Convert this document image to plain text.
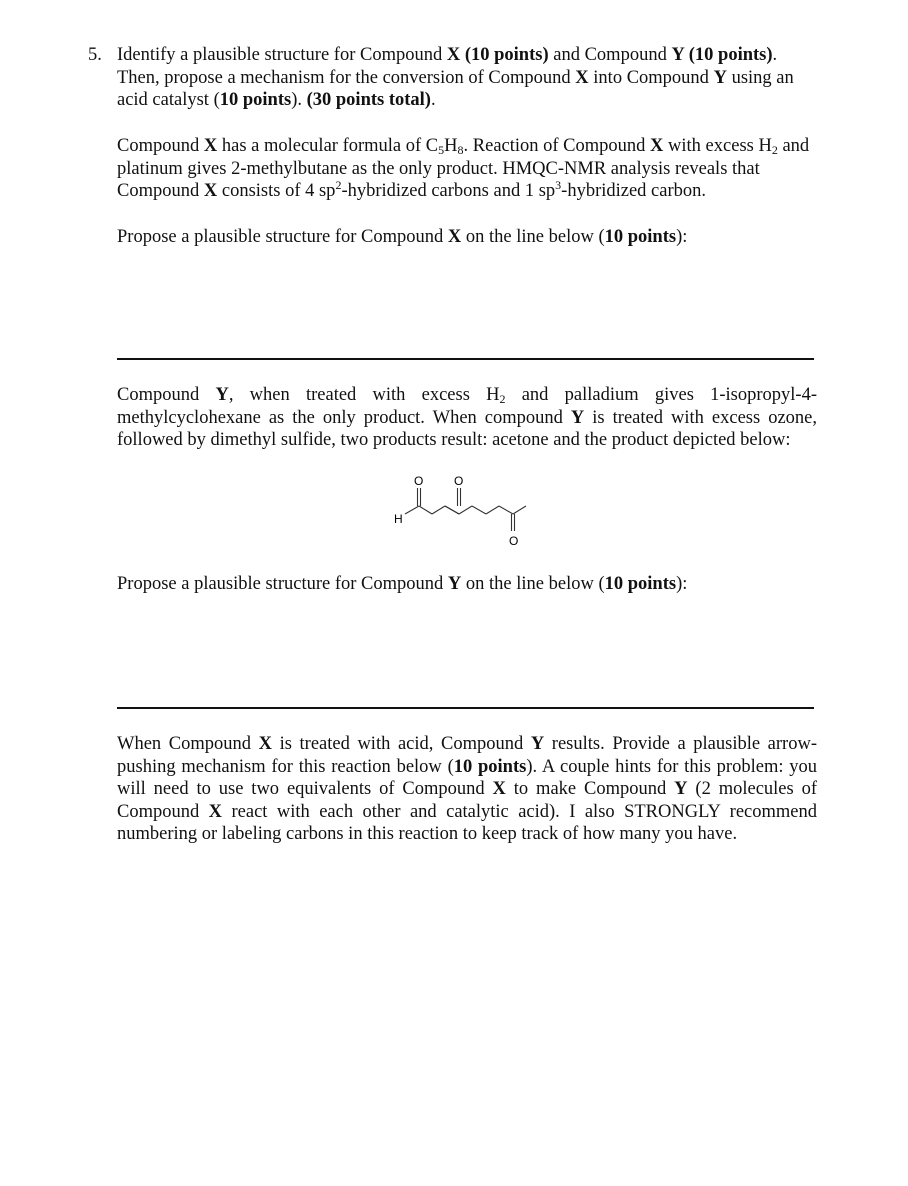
5. Identify a plausible structure for Compound X (10 points) and Compound Y (10 points). Then, propose a mechanism for the conversion of Compound X into Compound Y using an acid catalyst (10 points). (30 points total).
Compound X has a molecular formula of $C_5H_8$. Reaction of Compound X with excess $H_2$ and platinum gives 2-methylbutane as the only product. HMQC-NMR analysis reveals that Compound X consists of 4 $sp^2$-hybridized carbons and 1 $sp^3$-hybridized carbon.
Propose a plausible structure for Compound X on the line below (10 points):
Compound Y, when treated with excess $H_2$ and palladium gives 1-isopropyl-4-methylcyclohexane as the only product. When compound Y is treated with excess ozone, followed by dimethyl sulfide, two products result: acetone and the product depicted below:
O	O
O
H
Propose a plausible structure for Compound Y on the line below (10 points):
When Compound X is treated with acid, Compound Y results. Provide a plausible arrow-pushing mechanism for this reaction below (10 points). A couple hints for this problem: you will need to use two equivalents of Compound X to make Compound Y (2 molecules of Compound X react with each other and catalytic acid). I also STRONGLY recommend numbering or labeling carbons in this reaction to keep track of how many you have.
